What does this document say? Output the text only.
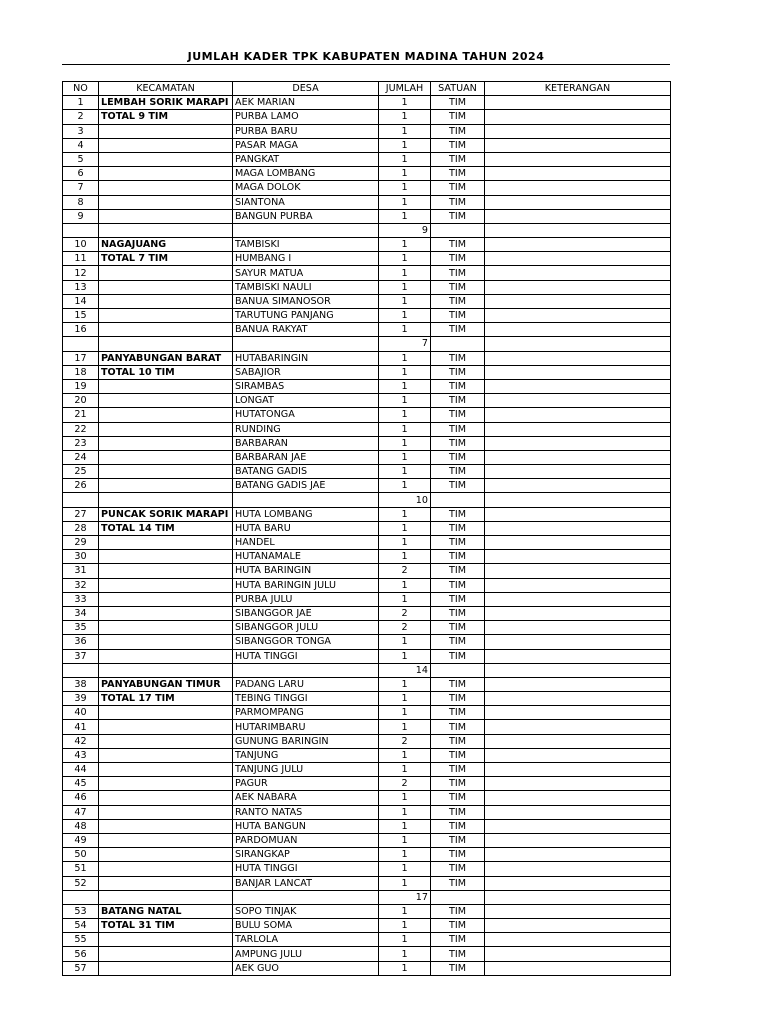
JUMLAH KADER TPK KABUPATEN MADINA TAHUN 2024
NO	KECAMATAN	DESA	JUMLAH	SATUAN	KETERANGAN
1	LEMBAH SORIK MARAPI	AEK MARIAN	1	TIM	
2	TOTAL 9 TIM	PURBA LAMO	1	TIM	
3		PURBA BARU	1	TIM	
4		PASAR MAGA	1	TIM	
5		PANGKAT	1	TIM	
6		MAGA LOMBANG	1	TIM	
7		MAGA DOLOK	1	TIM	
8		SIANTONA	1	TIM	
9		BANGUN PURBA	1	TIM	
			9		
10	NAGAJUANG	TAMBISKI	1	TIM	
11	TOTAL 7 TIM	HUMBANG I	1	TIM	
12		SAYUR MATUA	1	TIM	
13		TAMBISKI NAULI	1	TIM	
14		BANUA SIMANOSOR	1	TIM	
15		TARUTUNG PANJANG	1	TIM	
16		BANUA RAKYAT	1	TIM	
			7		
17	PANYABUNGAN BARAT	HUTABARINGIN	1	TIM	
18	TOTAL 10 TIM	SABAJIOR	1	TIM	
19		SIRAMBAS	1	TIM	
20		LONGAT	1	TIM	
21		HUTATONGA	1	TIM	
22		RUNDING	1	TIM	
23		BARBARAN	1	TIM	
24		BARBARAN JAE	1	TIM	
25		BATANG GADIS	1	TIM	
26		BATANG GADIS JAE	1	TIM	
			10		
27	PUNCAK SORIK MARAPI	HUTA LOMBANG	1	TIM	
28	TOTAL 14 TIM	HUTA BARU	1	TIM	
29		HANDEL	1	TIM	
30		HUTANAMALE	1	TIM	
31		HUTA BARINGIN	2	TIM	
32		HUTA BARINGIN JULU	1	TIM	
33		PURBA JULU	1	TIM	
34		SIBANGGOR JAE	2	TIM	
35		SIBANGGOR JULU	2	TIM	
36		SIBANGGOR TONGA	1	TIM	
37		HUTA TINGGI	1	TIM	
			14		
38	PANYABUNGAN TIMUR	PADANG LARU	1	TIM	
39	TOTAL 17 TIM	TEBING TINGGI	1	TIM	
40		PARMOMPANG	1	TIM	
41		HUTARIMBARU	1	TIM	
42		GUNUNG BARINGIN	2	TIM	
43		TANJUNG	1	TIM	
44		TANJUNG JULU	1	TIM	
45		PAGUR	2	TIM	
46		AEK NABARA	1	TIM	
47		RANTO NATAS	1	TIM	
48		HUTA BANGUN	1	TIM	
49		PARDOMUAN	1	TIM	
50		SIRANGKAP	1	TIM	
51		HUTA TINGGI	1	TIM	
52		BANJAR LANCAT	1	TIM	
			17		
53	BATANG NATAL	SOPO TINJAK	1	TIM	
54	TOTAL 31 TIM	BULU SOMA	1	TIM	
55		TARLOLA	1	TIM	
56		AMPUNG JULU	1	TIM	
57		AEK GUO	1	TIM	
